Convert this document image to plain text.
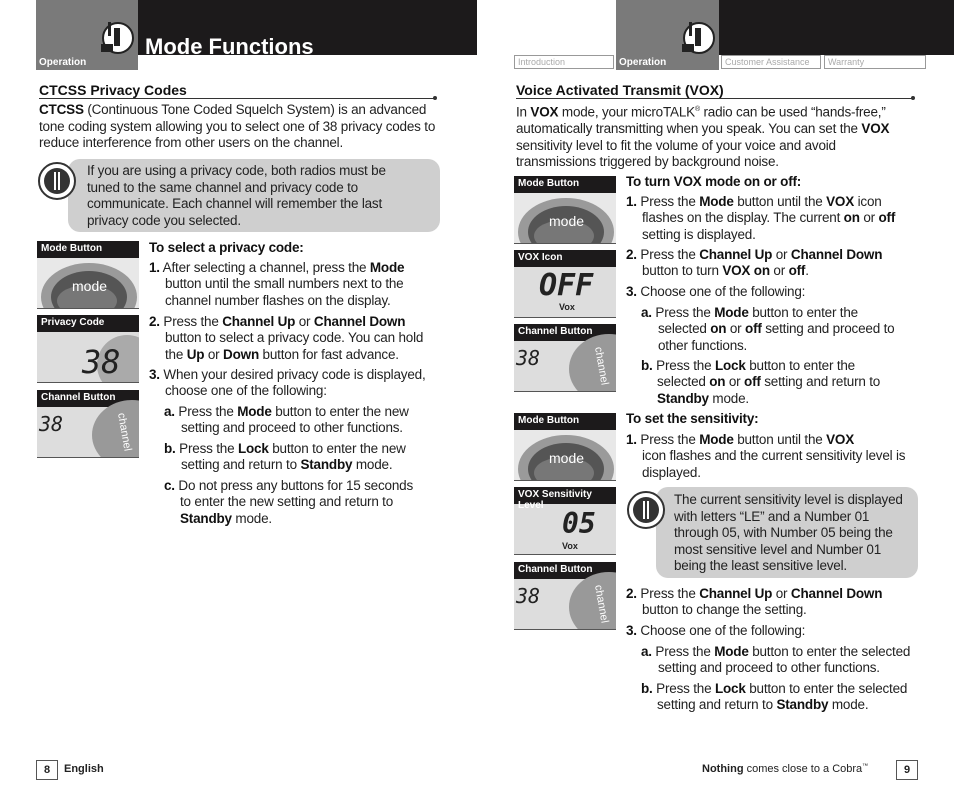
Operation
Mode Functions
Introduction	Operation	Customer Assistance	Warranty
CTCSS Privacy Codes
CTCSS (Continuous Tone Coded Squelch System) is an advanced tone coding system allowing you to select one of 38 privacy codes to reduce interference from other users on the channel.
If you are using a privacy code, both radios must be tuned to the same channel and privacy code to communicate. Each channel will remember the last privacy code you selected.
Mode Button
mode
Privacy Code
38
Channel Button
38	channel
To select a privacy code:
1. After selecting a channel, press the Mode
button until the small numbers next to the channel number flashes on the display.
2. Press the Channel Up or Channel Down
button to select a privacy code. You can hold the Up or Down button for fast advance.
3. When your desired privacy code is displayed,
choose one of the following:
a. Press the Mode button to enter the new
setting and proceed to other functions.
b. Press the Lock button to enter the new
setting and return to Standby mode.
c. Do not press any buttons for 15 seconds
to enter the new setting and return to Standby mode.
Voice Activated Transmit (VOX)
In VOX mode, your microTALK® radio can be used “hands-free,” automatically transmitting when you speak. You can set the VOX sensitivity level to fit the volume of your voice and avoid transmissions triggered by background noise.
Mode Button
mode
VOX Icon
OFF
Vox
Channel Button
38	channel
Mode Button
mode
VOX Sensitivity Level
05
Vox
Channel Button
38	channel
To turn VOX mode on or off:
1. Press the Mode button until the VOX icon
flashes on the display. The current on or off setting is displayed.
2. Press the Channel Up or Channel Down
button to turn VOX on or off.
3. Choose one of the following:
a. Press the Mode button to enter the
selected on or off setting and proceed to other functions.
b. Press the Lock button to enter the
selected on or off setting and return to Standby mode.
To set the sensitivity:
1. Press the Mode button until the VOX
icon flashes and the current sensitivity level is displayed.
The current sensitivity level is displayed with letters “LE” and a Number 01 through 05, with Number 05 being the most sensitive level and Number 01 being the least sensitive level.
2. Press the Channel Up or Channel Down
button to change the setting.
3. Choose one of the following:
a. Press the Mode button to enter the selected
setting and proceed to other functions.
b. Press the Lock button to enter the selected
setting and return to Standby mode.
8	English	Nothing comes close to a Cobra™	9
